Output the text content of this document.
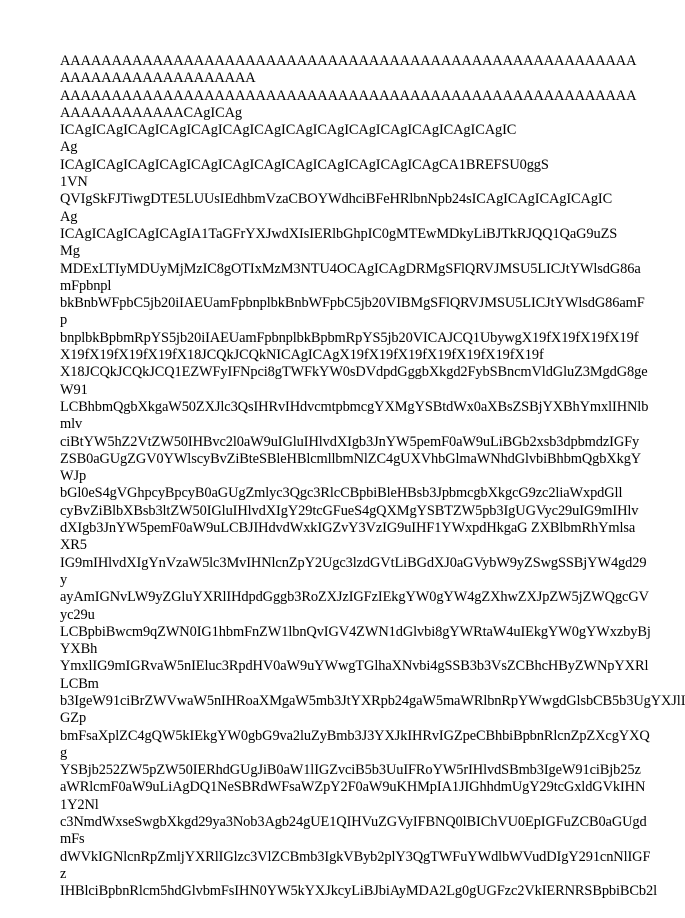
AAAAAAAAAAAAAAAAAAAAAAAAAAAAAAAAAAAAAAAAAAAAAAAAAAAAAAAA
AAAAAAAAAAAAAAAAAAA
AAAAAAAAAAAAAAAAAAAAAAAAAAAAAAAAAAAAAAAAAAAAAAAAAAAAAAAA
AAAAAAAAAAAACAgICAg
ICAgICAgICAgICAgICAgICAgICAgICAgICAgICAgICAgICAgICAgICAgIC
Ag
ICAgICAgICAgICAgICAgICAgICAgICAgICAgICAgICAgICAgCA1BREFSU0ggS
1VN
QVIgSkFJTiwgDTE5LUUsIEdhbmVzaCBOYWdhciBFeHRlbnNpb24sICAgICAgICAgICAgIC
Ag
ICAgICAgICAgICAgIA1TaGFrYXJwdXIsIERlbGhpIC0gMTEwMDkyLiBJTkRJQQ1QaG9uZS
Mg
MDExLTIyMDUyMjMzIC8gOTIxMzM3NTU4OCAgICAgDRMgSFlQRVJMSU5LICJtYWlsdG86a
mFpbnpl
bkBnbWFpbC5jb20iIAEUamFpbnplbkBnbWFpbC5jb20VIBMgSFlQRVJMSU5LICJtYWlsdG86amF
p
bnplbkBpbmRpYS5jb20iIAEUamFpbnplbkBpbmRpYS5jb20VICAJCQ1UbywgX19fX19fX19fX19f
X19fX19fX19fX19fX18JCQkJCQkNICAgICAgX19fX19fX19fX19fX19fX19fX19f
X18JCQkJCQkJCQ1EZWFyIFNpci8gTWFkYW0sDVdpdGggbXkgd2FybSBncmVldGluZ3MgdG8ge
W91
LCBhbmQgbXkgaW50ZXJlc3QsIHRvIHdvcmtpbmcgYXMgYSBtdWx0aXBsZSBjYXBhYmxlIHNlb
mlv
ciBtYW5hZ2VtZW50IHBvc2l0aW9uIGluIHlvdXIgb3JnYW5pemF0aW9uLiBGb2xsb3dpbmdzIGFy
ZSB0aGUgZGV0YWlscyBvZiBteSBleHBlcmllbmNlZC4gUXVhbGlmaWNhdGlvbiBhbmQgbXkgY
WJp
bGl0eS4gVGhpcyBpcyB0aGUgZmlyc3Qgc3RlcCBpbiBleHBsb3JpbmcgbXkgcG9zc2liaWxpdGll
cyBvZiBlbXBsb3ltZW50IGluIHlvdXIgY29tcGFueS4gQXMgYSBTZW5pb3IgUGVyc29uIG9mIHlv
dXIgb3JnYW5pemF0aW9uLCBJIHdvdWxkIGZvY3VzIG9uIHF1YWxpdHkgaG ZXBlbmRhYmlsa
XR5
IG9mIHlvdXIgYnVzaW5lc3MvIHNlcnZpY2Ugc3lzdGVtLiBGdXJ0aGVybW9yZSwgSSBjYW4gd29
y
ayAmIGNvLW9yZGluYXRlIHdpdGggb3RoZXJzIGFzIEkgYW0gYW4gZXhwZXJpZW5jZWQgcGV
yc29u
LCBpbiBwcm9qZWN0IG1hbmFnZW1lbnQvIGV4ZWN1dGlvbi8gYWRtaW4uIEkgYW0gYWxzbyBj
YXBh
YmxlIG9mIGRvaW5nIEluc3RpdHV0aW9uYWwgTGlhaXNvbi4gSSB3b3VsZCBhcHByZWNpYXRl
LCBm
b3IgeW91ciBrZWVwaW5nIHRoaXMgaW5mb3JtYXRpb24gaW5maWRlbnRpYWwgdGlsbCB5b3UgYXJlI
GZp
bmFsaXplZC4gQW5kIEkgYW0gbG9va2luZyBmb3J3YXJkIHRvIGZpeCBhbiBpbnRlcnZpZXcgYXQ
g
YSBjb252ZW5pZW50IERhdGUgJiB0aW1lIGZvciB5b3UuIFRoYW5rIHlvdSBmb3IgeW91ciBjb25z
aWRlcmF0aW9uLiAgDQ1NeSBRdWFsaWZpY2F0aW9uKHMpIA1JIGhhdmUgY29tcGxldGVkIHN
1Y2Nl
c3NmdWxseSwgbXkgd29ya3Nob3Agb24gUE1QIHVuZGVyIFBNQ0lBIChVU0EpIGFuZCB0aGUgd
mFs
dWVkIGNlcnRpZmljYXRlIGlzc3VlZCBmb3IgkVByb2plY3QgTWFuYWdlbWVudDIgY291cnNlIGF
z
IHBlciBpbnRlcm5hdGlvbmFsIHN0YW5kYXJkcyLiBJbiAyMDA2Lg0gUGFzc2VkIERNRSBpbiBCb2l
